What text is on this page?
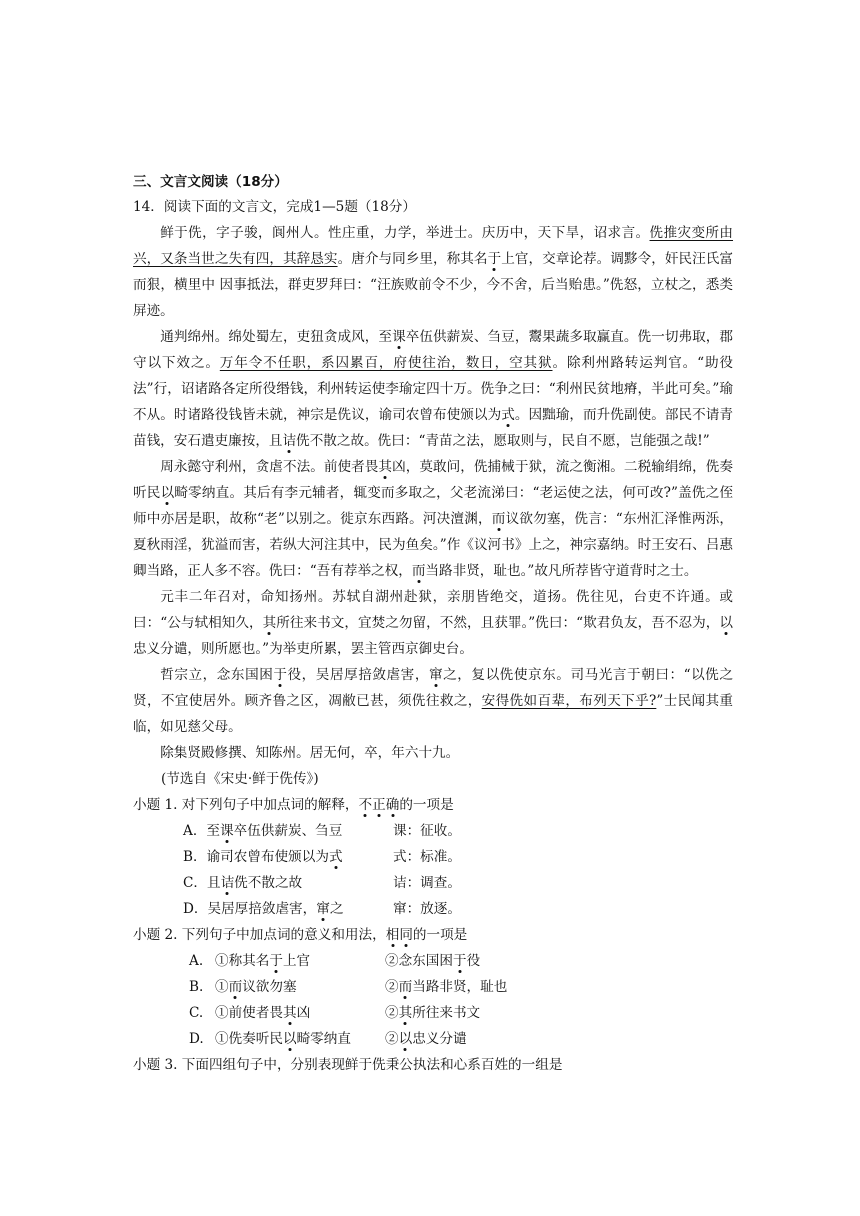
三、文言文阅读（18分）
14．阅读下面的文言文，完成1—5题（18分）

鲜于侁，字子骏，阆州人。性庄重，力学，举进士。庆历中，天下旱，诏求言。侁推灾变所由兴，又条当世之失有四，其辞恳实。唐介与同乡里，称其名于上官，交章论荐。调黟令，奸民汪氏富而狠，横里中 因事抵法，群吏罗拜曰：“汪族败前令不少，今不舍，后当贻患。”侁怒，立杖之，悉类屏迹。

通判绵州。绵处蜀左，吏狃贪成风，至课卒伍供薪炭、刍豆，鬻果蔬多取赢直。侁一切弗取，郡守以下效之。万年令不任职，系囚累百，府使往治，数日，空其狱。除利州路转运判官。“助役法”行，诏诸路各定所役缗钱，利州转运使李瑜定四十万。侁争之曰：“利州民贫地瘠，半此可矣。”瑜不从。时诸路役钱皆未就，神宗是侁议，谕司农曾布使颁以为式。因黜瑜，而升侁副使。部民不请青苗钱，安石遣吏廉按，且诘侁不散之故。侁曰：“青苗之法，愿取则与，民自不愿，岂能强之哉!”

周永懿守利州，贪虐不法。前使者畏其凶，莫敢问，侁捕械于狱，流之衡湘。二税输绢绵，侁奏听民以畸零纳直。其后有李元辅者，辄变而多取之，父老流涕曰：“老运使之法，何可改?”盖侁之侄师中亦居是职，故称“老”以别之。徙京东西路。河决澶渊，而议欲勿塞，侁言：“东州汇泽惟两泺，夏秋雨淫，犹溢而害，若纵大河注其中，民为鱼矣。”作《议河书》上之，神宗嘉纳。时王安石、吕惠卿当路，正人多不容。侁曰：“吾有荐举之权，而当路非贤，耻也。”故凡所荐皆守道背时之士。

元丰二年召对，命知扬州。苏轼自湖州赴狱，亲朋皆绝交，道扬。侁往见，台吏不许通。或曰：“公与轼相知久，其所往来书文，宜焚之勿留，不然，且获罪。”侁曰：“欺君负友，吾不忍为，以忠义分谴，则所愿也。”为举吏所累，罢主管西京御史台。

哲宗立，念东国困于役，吴居厚掊敛虐害，窜之，复以侁使京东。司马光言于朝曰：“以侁之贤，不宜使居外。顾齐鲁之区，凋敝已甚，须侁往救之，安得侁如百辈，布列天下乎?”士民闻其重临，如见慈父母。

除集贤殿修撰、知陈州。居无何，卒，年六十九。

(节选自《宋史·鲜于侁传》)
小题 1. 对下列句子中加点词的解释，不正确的一项是
A．至课卒伍供薪炭、刍豆	课：征收。
B．谕司农曾布使颁以为式	式：标准。
C．且诘侁不散之故	诘：调查。
D．吴居厚掊敛虐害，窜之	窜：放逐。
小题 2. 下列句子中加点词的意义和用法，相同的一项是
A. ①称其名于上官	②念东国困于役
B. ①而议欲勿塞	②而当路非贤，耻也
C. ①前使者畏其凶	②其所往来书文
D. ①侁奏听民以畸零纳直	②以忠义分谴
小题 3. 下面四组句子中，分别表现鲜于侁秉公执法和心系百姓的一组是
